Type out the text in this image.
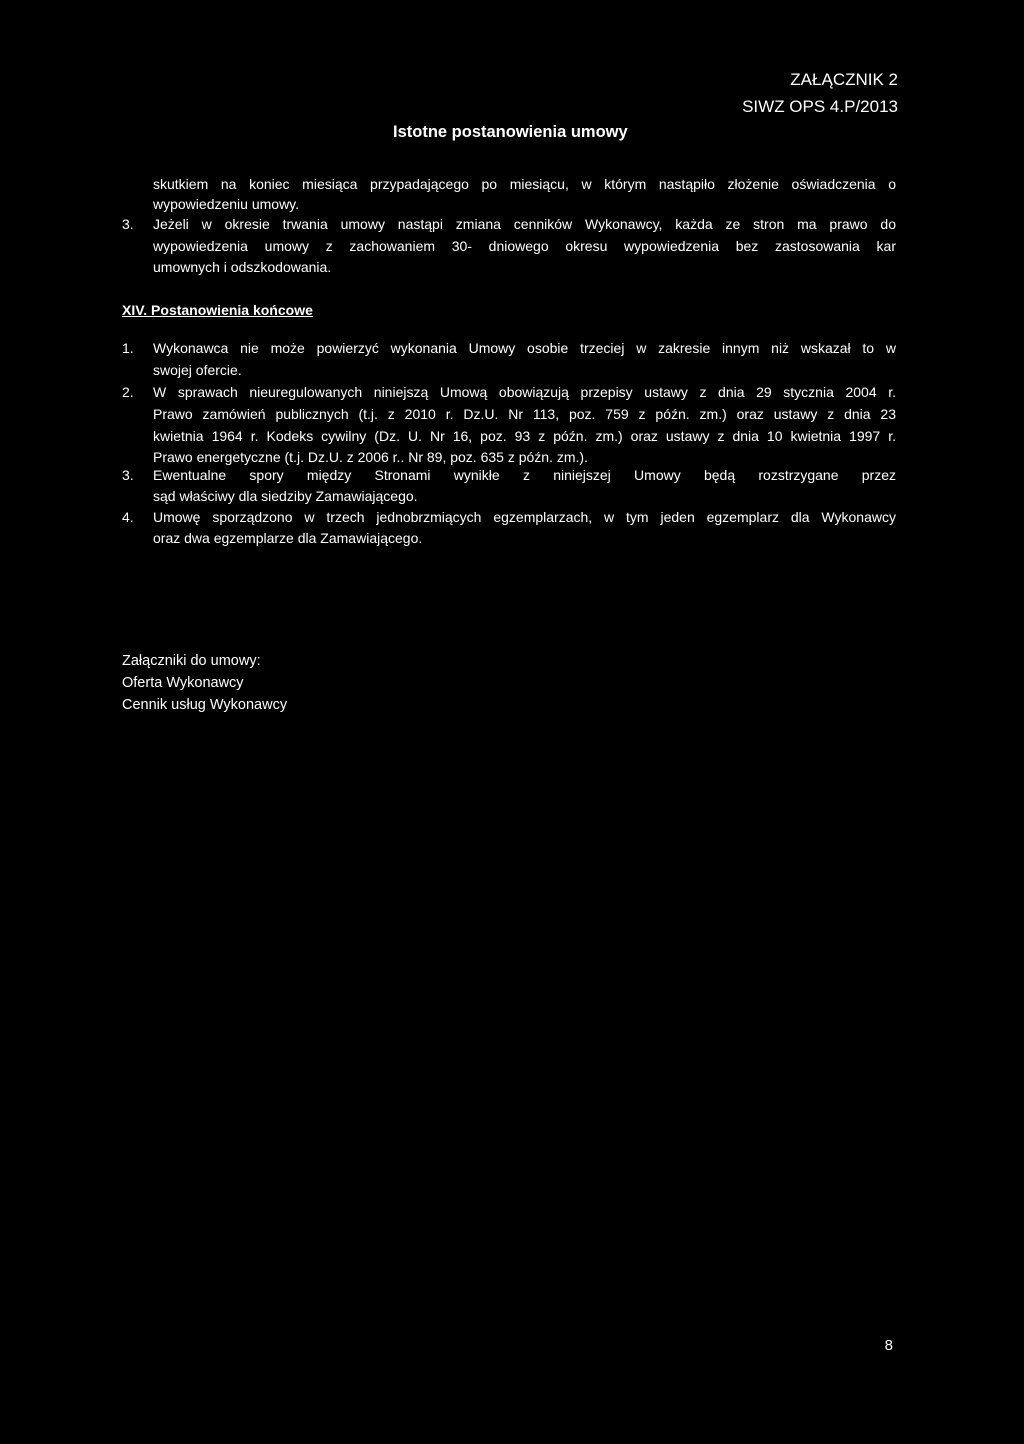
ZAŁĄCZNIK 2
SIWZ OPS 4.P/2013
Istotne postanowienia umowy
skutkiem na koniec miesiąca przypadającego po miesiącu, w którym nastąpiło złożenie oświadczenia o
wypowiedzeniu umowy.
3. Jeżeli w okresie trwania umowy nastąpi zmiana cenników Wykonawcy, każda ze stron ma prawo do
wypowiedzenia umowy z zachowaniem 30- dniowego okresu wypowiedzenia bez zastosowania kar
umownych i odszkodowania.
XIV. Postanowienia końcowe
1. Wykonawca nie może powierzyć wykonania Umowy osobie trzeciej w zakresie innym niż wskazał to w
swojej ofercie.
2. W sprawach nieuregulowanych niniejszą Umową obowiązują przepisy ustawy z dnia 29 stycznia 2004 r.
Prawo zamówień publicznych (t.j. z 2010 r. Dz.U. Nr 113, poz. 759 z późn. zm.) oraz ustawy z dnia 23
kwietnia 1964 r. Kodeks cywilny (Dz. U. Nr 16, poz. 93 z późn. zm.) oraz ustawy z dnia 10 kwietnia 1997 r.
Prawo energetyczne (t.j. Dz.U. z 2006 r.. Nr 89, poz. 635 z późn. zm.).
3. Ewentualne spory między Stronami wynikłe z niniejszej Umowy będą rozstrzygane przez
sąd właściwy dla siedziby Zamawiającego.
4. Umowę sporządzono w trzech jednobrzmiących egzemplarzach, w tym jeden egzemplarz dla Wykonawcy
oraz dwa egzemplarze dla Zamawiającego.
Załączniki do umowy:
Oferta Wykonawcy
Cennik usług Wykonawcy
8
